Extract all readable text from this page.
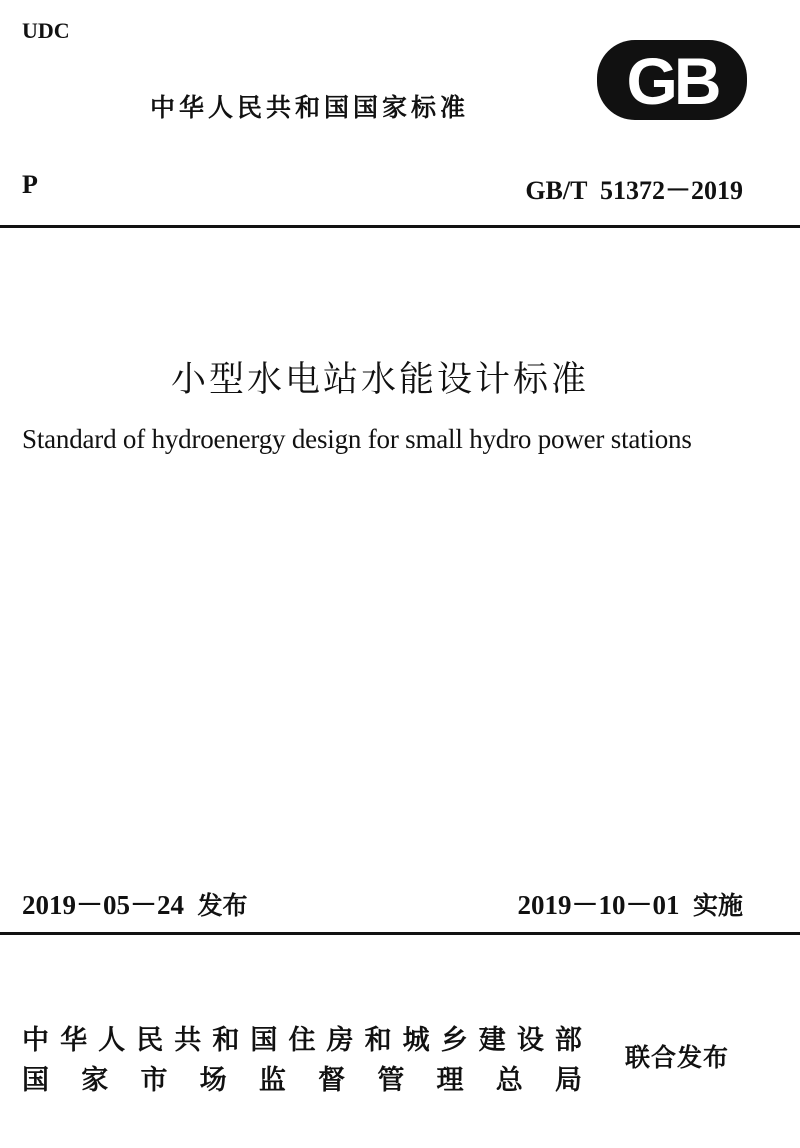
UDC
中华人民共和国国家标准 GB
P	GB/T  51372－2019
小型水电站水能设计标准
Standard of hydroenergy design for small hydro power stations
2019－05－24 发布	2019－10－01 实施
中 华 人 民 共 和 国 住 房 和 城 乡 建 设 部
国 家 市 场 监 督 管 理 总 局
联合发布
